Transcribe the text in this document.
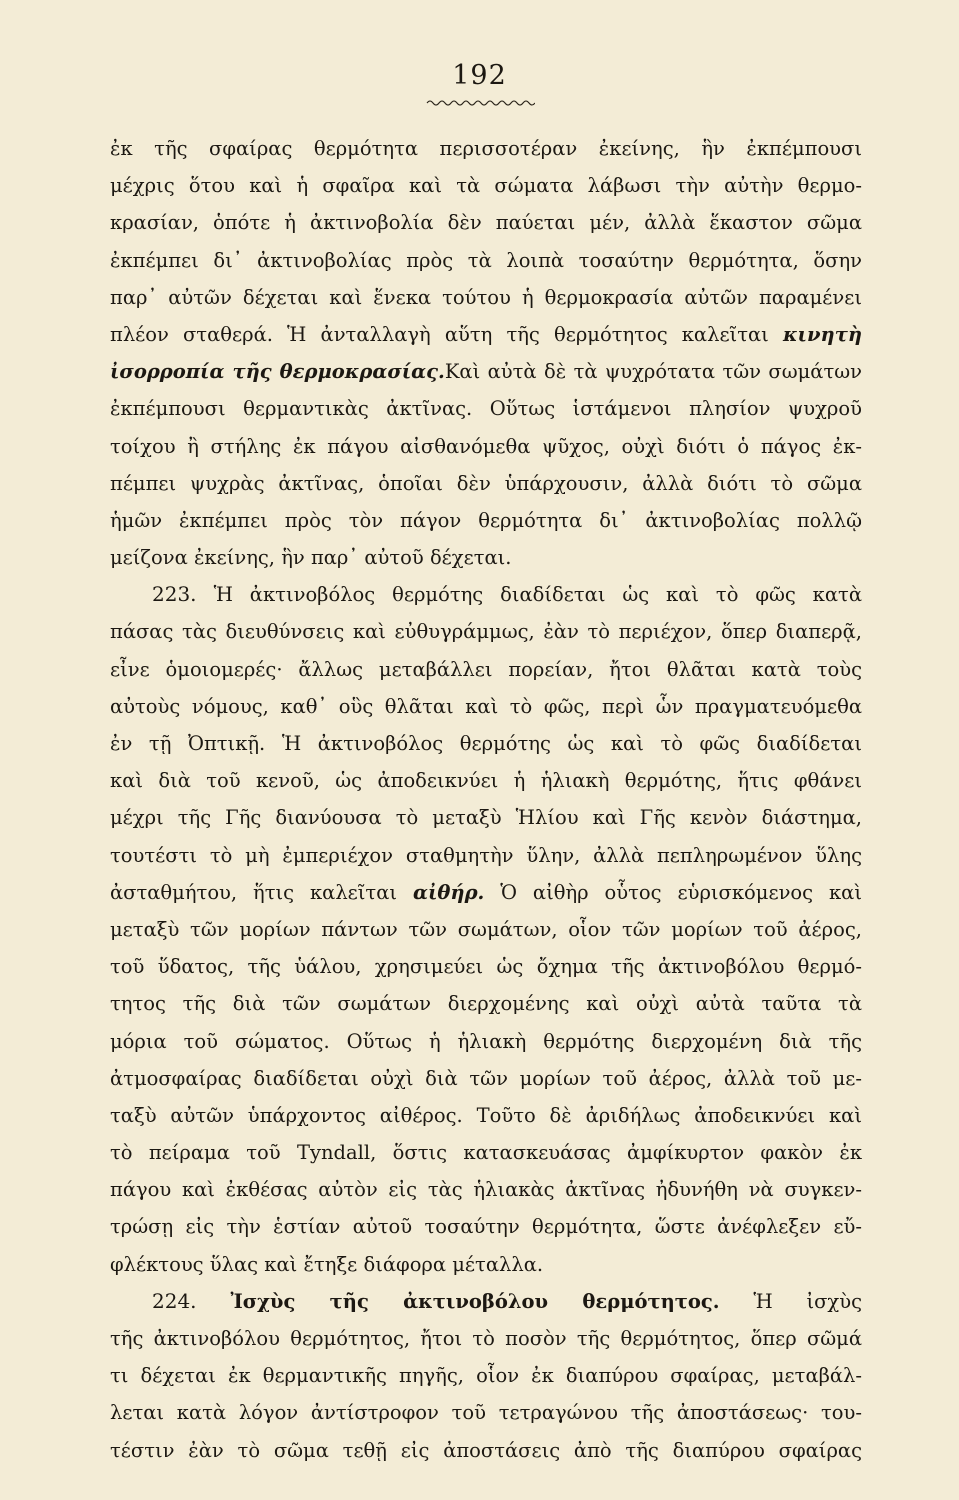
192
ἐκ τῆς σφαίρας θερμότητα περισσοτέραν ἐκείνης, ἣν ἐκπέμπουσι
μέχρις ὅτου καὶ ἡ σφαῖρα καὶ τὰ σώματα λάβωσι τὴν αὐτὴν θερμο-
κρασίαν, ὁπότε ἡ ἀκτινοβολία δὲν παύεται μέν, ἀλλὰ ἕκαστον σῶμα
ἐκπέμπει δι᾽ ἀκτινοβολίας πρὸς τὰ λοιπὰ τοσαύτην θερμότητα, ὅσην
παρ᾽ αὐτῶν δέχεται καὶ ἕνεκα τούτου ἡ θερμοκρασία αὐτῶν παραμένει
πλέον σταθερά. Ἡ ἀνταλλαγὴ αὕτη τῆς θερμότητος καλεῖται κινητὴ
ἰσορροπία τῆς θερμοκρασίας.Καὶ αὐτὰ δὲ τὰ ψυχρότατα τῶν σωμάτων
ἐκπέμπουσι θερμαντικὰς ἀκτῖνας. Οὕτως ἱστάμενοι πλησίον ψυχροῦ
τοίχου ἢ στήλης ἐκ πάγου αἰσθανόμεθα ψῦχος, οὐχὶ διότι ὁ πάγος ἐκ-
πέμπει ψυχρὰς ἀκτῖνας, ὁποῖαι δὲν ὑπάρχουσιν, ἀλλὰ διότι τὸ σῶμα
ἡμῶν ἐκπέμπει πρὸς τὸν πάγον θερμότητα δι᾽ ἀκτινοβολίας πολλῷ
μείζονα ἐκείνης, ἣν παρ᾽ αὐτοῦ δέχεται.
223. Ἡ ἀκτινοβόλος θερμότης διαδίδεται ὡς καὶ τὸ φῶς κατὰ
πάσας τὰς διευθύνσεις καὶ εὐθυγράμμως, ἐὰν τὸ περιέχον, ὅπερ διαπερᾷ,
εἶνε ὁμοιομερές· ἄλλως μεταβάλλει πορείαν, ἤτοι θλᾶται κατὰ τοὺς
αὐτοὺς νόμους, καθ᾽ οὓς θλᾶται καὶ τὸ φῶς, περὶ ὧν πραγματευόμεθα
ἐν τῇ Ὀπτικῇ. Ἡ ἀκτινοβόλος θερμότης ὡς καὶ τὸ φῶς διαδίδεται
καὶ διὰ τοῦ κενοῦ, ὡς ἀποδεικνύει ἡ ἡλιακὴ θερμότης, ἥτις φθάνει
μέχρι τῆς Γῆς διανύουσα τὸ μεταξὺ Ἡλίου καὶ Γῆς κενὸν διάστημα,
τουτέστι τὸ μὴ ἐμπεριέχον σταθμητὴν ὕλην, ἀλλὰ πεπληρωμένον ὕλης
ἀσταθμήτου, ἥτις καλεῖται αἰθήρ. Ὁ αἰθὴρ οὗτος εὑρισκόμενος καὶ
μεταξὺ τῶν μορίων πάντων τῶν σωμάτων, οἷον τῶν μορίων τοῦ ἀέρος,
τοῦ ὕδατος, τῆς ὑάλου, χρησιμεύει ὡς ὄχημα τῆς ἀκτινοβόλου θερμό-
τητος τῆς διὰ τῶν σωμάτων διερχομένης καὶ οὐχὶ αὐτὰ ταῦτα τὰ
μόρια τοῦ σώματος. Οὕτως ἡ ἡλιακὴ θερμότης διερχομένη διὰ τῆς
ἀτμοσφαίρας διαδίδεται οὐχὶ διὰ τῶν μορίων τοῦ ἀέρος, ἀλλὰ τοῦ με-
ταξὺ αὐτῶν ὑπάρχοντος αἰθέρος. Τοῦτο δὲ ἀριδήλως ἀποδεικνύει καὶ
τὸ πείραμα τοῦ Tyndall, ὅστις κατασκευάσας ἀμφίκυρτον φακὸν ἐκ
πάγου καὶ ἐκθέσας αὐτὸν εἰς τὰς ἡλιακὰς ἀκτῖνας ἠδυνήθη νὰ συγκεν-
τρώσῃ εἰς τὴν ἑστίαν αὐτοῦ τοσαύτην θερμότητα, ὥστε ἀνέφλεξεν εὔ-
φλέκτους ὕλας καὶ ἔτηξε διάφορα μέταλλα.
224. Ἰσχὺς τῆς ἀκτινοβόλου θερμότητος. Ἡ ἰσχὺς
τῆς ἀκτινοβόλου θερμότητος, ἤτοι τὸ ποσὸν τῆς θερμότητος, ὅπερ σῶμά
τι δέχεται ἐκ θερμαντικῆς πηγῆς, οἷον ἐκ διαπύρου σφαίρας, μεταβάλ-
λεται κατὰ λόγον ἀντίστροφον τοῦ τετραγώνου τῆς ἀποστάσεως· του-
τέστιν ἐὰν τὸ σῶμα τεθῇ εἰς ἀποστάσεις ἀπὸ τῆς διαπύρου σφαίρας
